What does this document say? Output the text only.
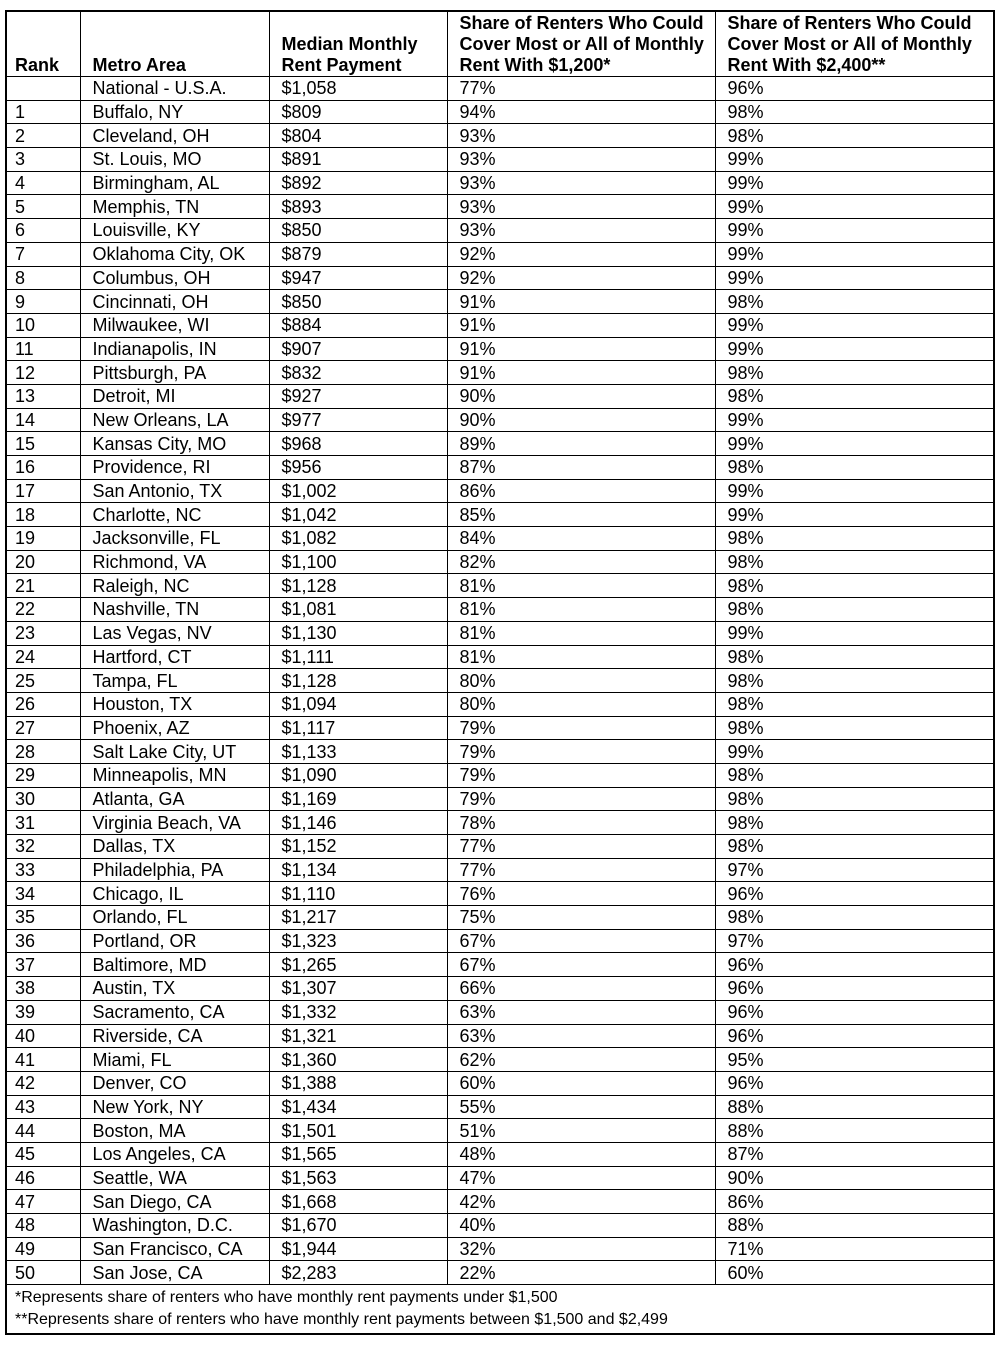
Rank	Metro Area	Median Monthly Rent Payment	Share of Renters Who Could Cover Most or All of Monthly Rent With $1,200*	Share of Renters Who Could Cover Most or All of Monthly Rent With $2,400**
	National - U.S.A.	$1,058	77%	96%
1	Buffalo, NY	$809	94%	98%
2	Cleveland, OH	$804	93%	98%
3	St. Louis, MO	$891	93%	99%
4	Birmingham, AL	$892	93%	99%
5	Memphis, TN	$893	93%	99%
6	Louisville, KY	$850	93%	99%
7	Oklahoma City, OK	$879	92%	99%
8	Columbus, OH	$947	92%	99%
9	Cincinnati, OH	$850	91%	98%
10	Milwaukee, WI	$884	91%	99%
11	Indianapolis, IN	$907	91%	99%
12	Pittsburgh, PA	$832	91%	98%
13	Detroit, MI	$927	90%	98%
14	New Orleans, LA	$977	90%	99%
15	Kansas City, MO	$968	89%	99%
16	Providence, RI	$956	87%	98%
17	San Antonio, TX	$1,002	86%	99%
18	Charlotte, NC	$1,042	85%	99%
19	Jacksonville, FL	$1,082	84%	98%
20	Richmond, VA	$1,100	82%	98%
21	Raleigh, NC	$1,128	81%	98%
22	Nashville, TN	$1,081	81%	98%
23	Las Vegas, NV	$1,130	81%	99%
24	Hartford, CT	$1,111	81%	98%
25	Tampa, FL	$1,128	80%	98%
26	Houston, TX	$1,094	80%	98%
27	Phoenix, AZ	$1,117	79%	98%
28	Salt Lake City, UT	$1,133	79%	99%
29	Minneapolis, MN	$1,090	79%	98%
30	Atlanta, GA	$1,169	79%	98%
31	Virginia Beach, VA	$1,146	78%	98%
32	Dallas, TX	$1,152	77%	98%
33	Philadelphia, PA	$1,134	77%	97%
34	Chicago, IL	$1,110	76%	96%
35	Orlando, FL	$1,217	75%	98%
36	Portland, OR	$1,323	67%	97%
37	Baltimore, MD	$1,265	67%	96%
38	Austin, TX	$1,307	66%	96%
39	Sacramento, CA	$1,332	63%	96%
40	Riverside, CA	$1,321	63%	96%
41	Miami, FL	$1,360	62%	95%
42	Denver, CO	$1,388	60%	96%
43	New York, NY	$1,434	55%	88%
44	Boston, MA	$1,501	51%	88%
45	Los Angeles, CA	$1,565	48%	87%
46	Seattle, WA	$1,563	47%	90%
47	San Diego, CA	$1,668	42%	86%
48	Washington, D.C.	$1,670	40%	88%
49	San Francisco, CA	$1,944	32%	71%
50	San Jose, CA	$2,283	22%	60%

*Represents share of renters who have monthly rent payments under $1,500
**Represents share of renters who have monthly rent payments between $1,500 and $2,499				
